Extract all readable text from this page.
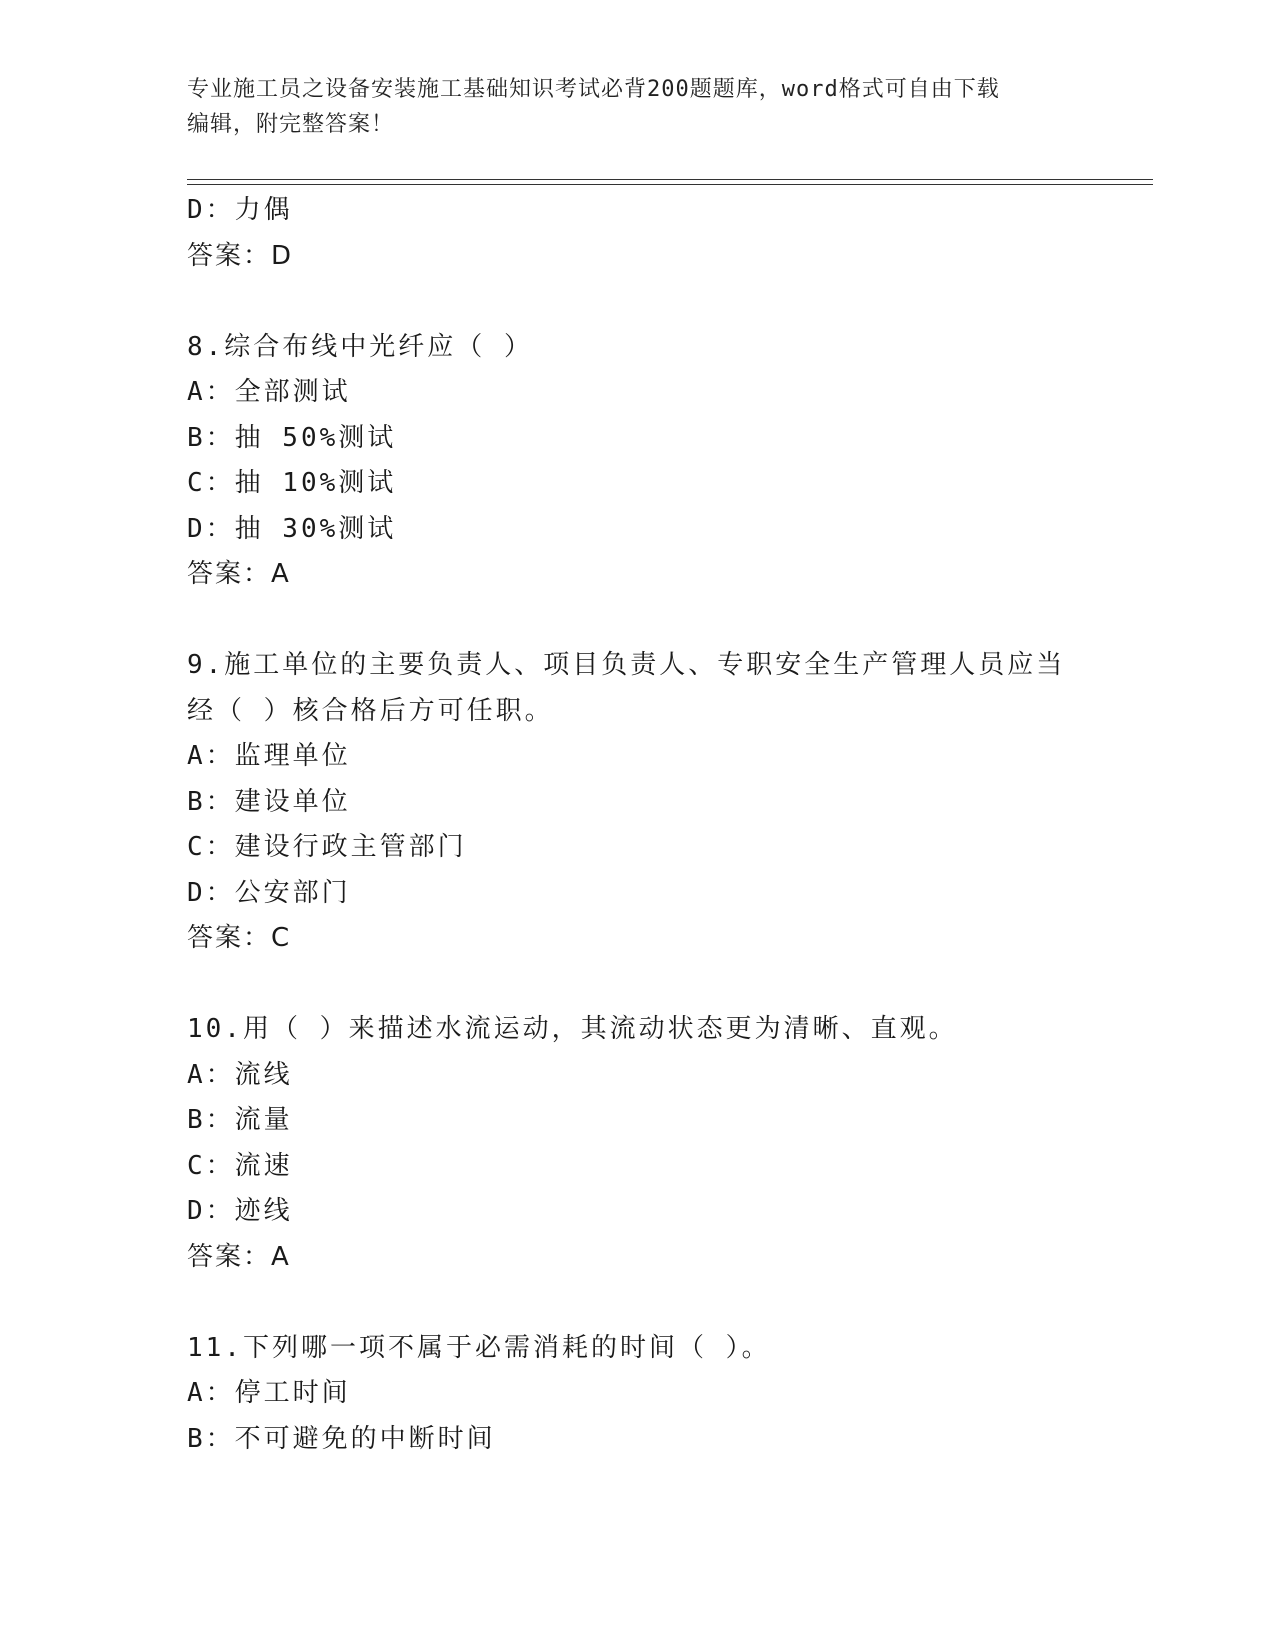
专业施工员之设备安装施工基础知识考试必背200题题库，word格式可自由下载
编辑，附完整答案！
D：力偶
答案：D
8.综合布线中光纤应（ ）
A：全部测试
B：抽 50%测试
C：抽 10%测试
D：抽 30%测试
答案：A
9.施工单位的主要负责人、项目负责人、专职安全生产管理人员应当
经（ ）核合格后方可任职。
A：监理单位
B：建设单位
C：建设行政主管部门
D：公安部门
答案：C
10.用（ ）来描述水流运动，其流动状态更为清晰、直观。
A：流线
B：流量
C：流速
D：迹线
答案：A
11.下列哪一项不属于必需消耗的时间（ ）。
A：停工时间
B：不可避免的中断时间
